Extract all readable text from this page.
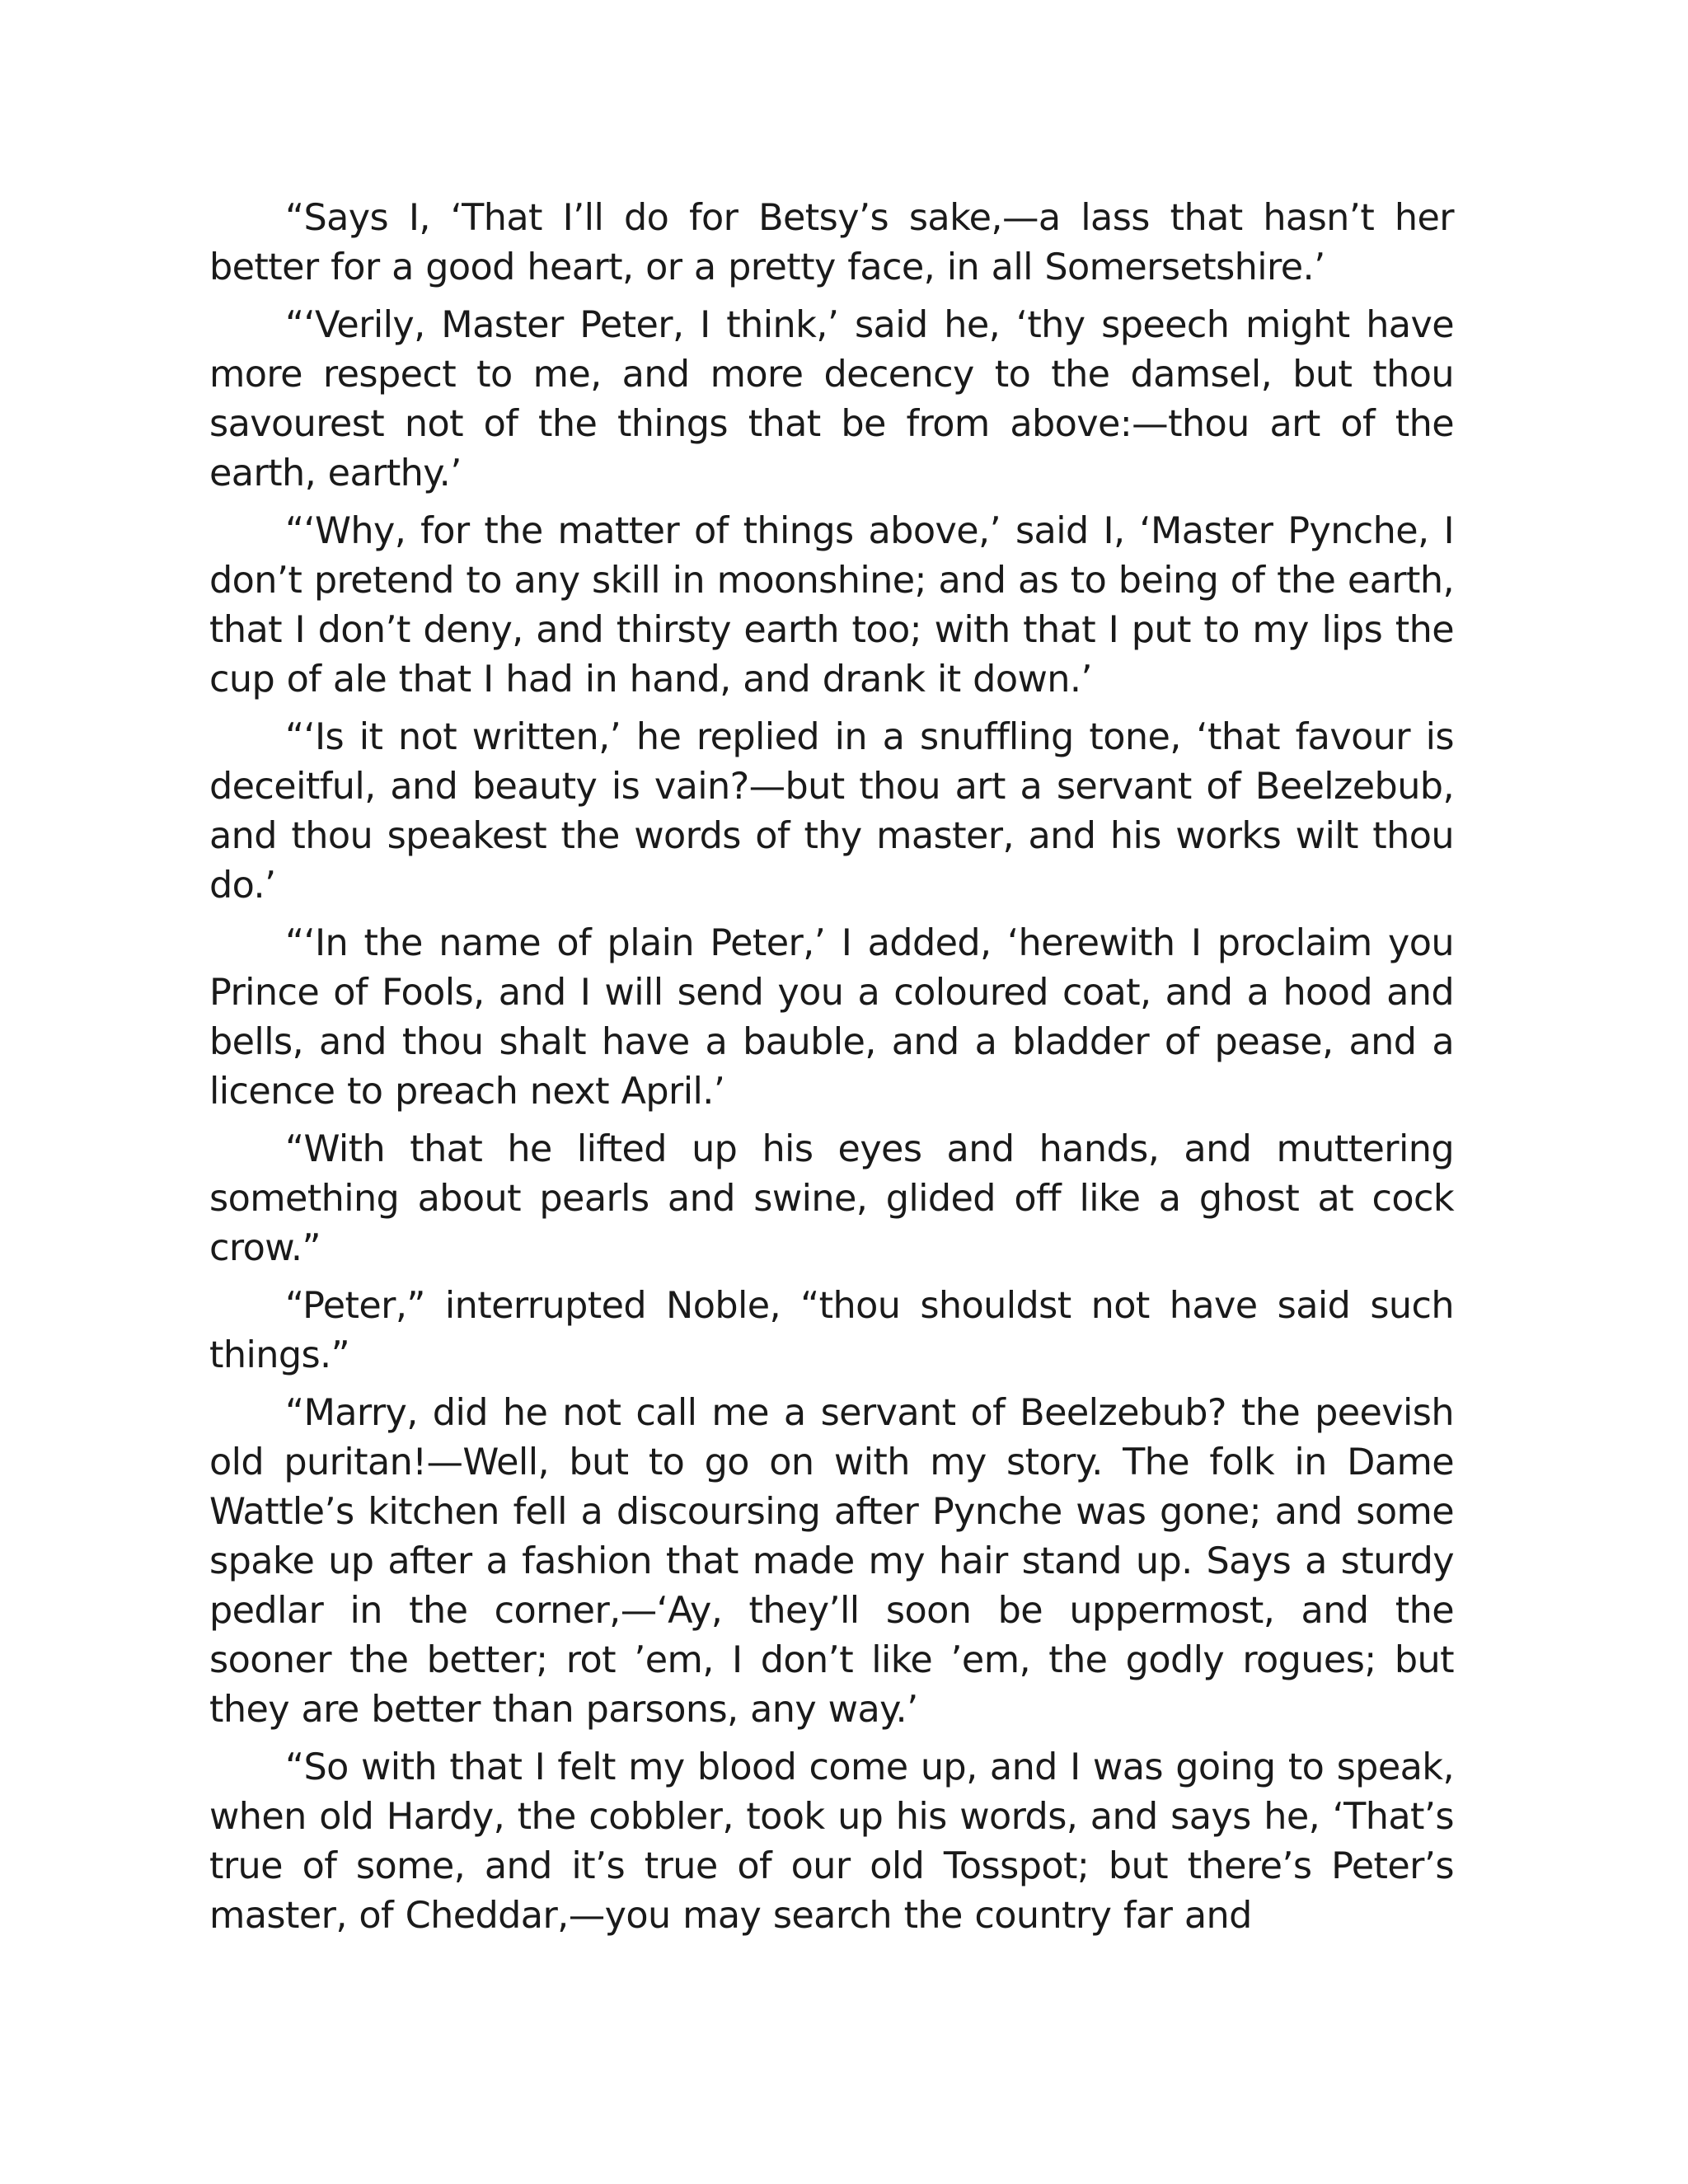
“Says I, ‘That I’ll do for Betsy’s sake,—a lass that hasn’t her better for a good heart, or a pretty face, in all Somersetshire.’

“‘Verily, Master Peter, I think,’ said he, ‘thy speech might have more respect to me, and more decency to the damsel, but thou savourest not of the things that be from above:—thou art of the earth, earthy.’

“‘Why, for the matter of things above,’ said I, ‘Master Pynche, I don’t pretend to any skill in moonshine; and as to being of the earth, that I don’t deny, and thirsty earth too; with that I put to my lips the cup of ale that I had in hand, and drank it down.’

“‘Is it not written,’ he replied in a snuffling tone, ‘that favour is deceitful, and beauty is vain?—but thou art a servant of Beelzebub, and thou speakest the words of thy master, and his works wilt thou do.’

“‘In the name of plain Peter,’ I added, ‘herewith I proclaim you Prince of Fools, and I will send you a coloured coat, and a hood and bells, and thou shalt have a bauble, and a bladder of pease, and a licence to preach next April.’

“With that he lifted up his eyes and hands, and muttering something about pearls and swine, glided off like a ghost at cock crow.”

“Peter,” interrupted Noble, “thou shouldst not have said such things.”

“Marry, did he not call me a servant of Beelzebub? the peevish old puritan!—Well, but to go on with my story. The folk in Dame Wattle’s kitchen fell a discoursing after Pynche was gone; and some spake up after a fashion that made my hair stand up. Says a sturdy pedlar in the corner,—‘Ay, they’ll soon be uppermost, and the sooner the better; rot ’em, I don’t like ’em, the godly rogues; but they are better than parsons, any way.’

“So with that I felt my blood come up, and I was going to speak, when old Hardy, the cobbler, took up his words, and says he, ‘That’s true of some, and it’s true of our old Tosspot; but there’s Peter’s master, of Cheddar,—you may search the country far and
